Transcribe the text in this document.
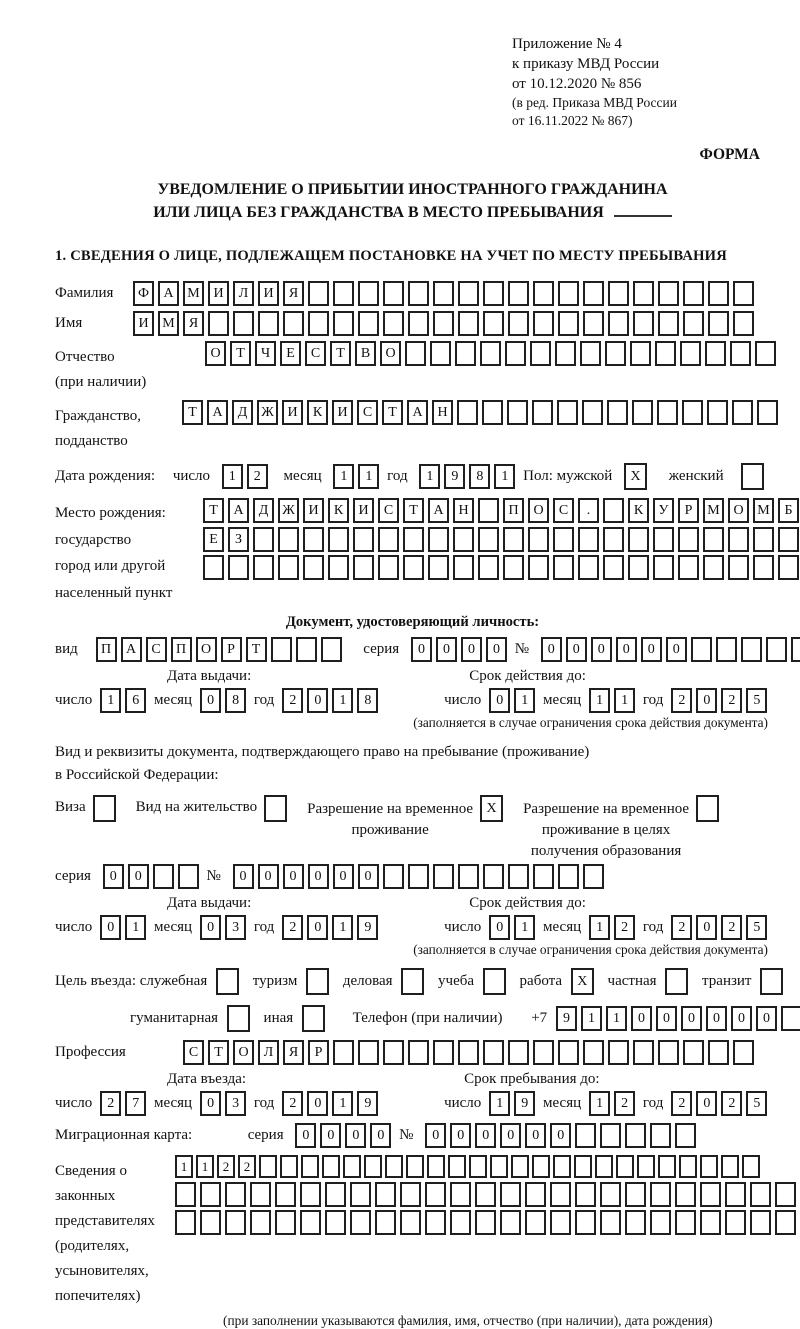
Приложение № 4
к приказу МВД России
от 10.12.2020 № 856
(в ред. Приказа МВД России
от 16.11.2022 № 867)
ФОРМА
УВЕДОМЛЕНИЕ О ПРИБЫТИИ ИНОСТРАННОГО ГРАЖДАНИНА
ИЛИ ЛИЦА БЕЗ ГРАЖДАНСТВА В МЕСТО ПРЕБЫВАНИЯ
1. СВЕДЕНИЯ О ЛИЦЕ, ПОДЛЕЖАЩЕМ ПОСТАНОВКЕ НА УЧЕТ ПО МЕСТУ ПРЕБЫВАНИЯ
Фамилия	Ф А М И Л И Я
Имя	И М Я
Отчество
(при наличии)
О Т Ч Е С Т В О
Гражданство,
подданство
Т А Д Ж И К И С Т А Н
Дата рождения: число 1 2 месяц 1 1 год 1 9 8 1 Пол: мужской X женский
Место рождения:
государство
город или другой
населенный пункт
Т А Д Ж И К И С Т А Н	П О С .	К У Р М О М Б
Е З
Документ, удостоверяющий личность:
вид П А С П О Р Т	серия 0 0 0 0 № 0 0 0 0 0 0
Дата выдачи:	Срок действия до:
число 1 6 месяц 0 8 год 2 0 1 8	число 0 1 месяц 1 1 год 2 0 2 5
(заполняется в случае ограничения срока действия документа)
Вид и реквизиты документа, подтверждающего право на пребывание (проживание)
в Российской Федерации:
Виза	Вид на жительство	Разрешение на временное
проживание
X	Разрешение на временное
проживание в целях
получения образования
серия 0 0	№ 0 0 0 0 0 0
Дата выдачи:	Срок действия до:
число 0 1 месяц 0 3 год 2 0 1 9	число 0 1 месяц 1 2 год 2 0 2 5
(заполняется в случае ограничения срока действия документа)
Цель въезда: служебная	туризм	деловая	учеба	работа X частная	транзит
гуманитарная	иная	Телефон (при наличии) +7 9 1 1 0 0 0 0 0 0
Профессия	С Т О Л Я Р
Дата въезда:	Срок пребывания до:
число 2 7 месяц 0 3 год 2 0 1 9	число 1 9 месяц 1 2 год 2 0 2 5
Миграционная карта:	серия 0 0 0 0 № 0 0 0 0 0 0
Сведения о
законных
представителях
(родителях,
усыновителях,
попечителях)
1 1 2 2
(при заполнении указываются фамилия, имя, отчество (при наличии), дата рождения)
